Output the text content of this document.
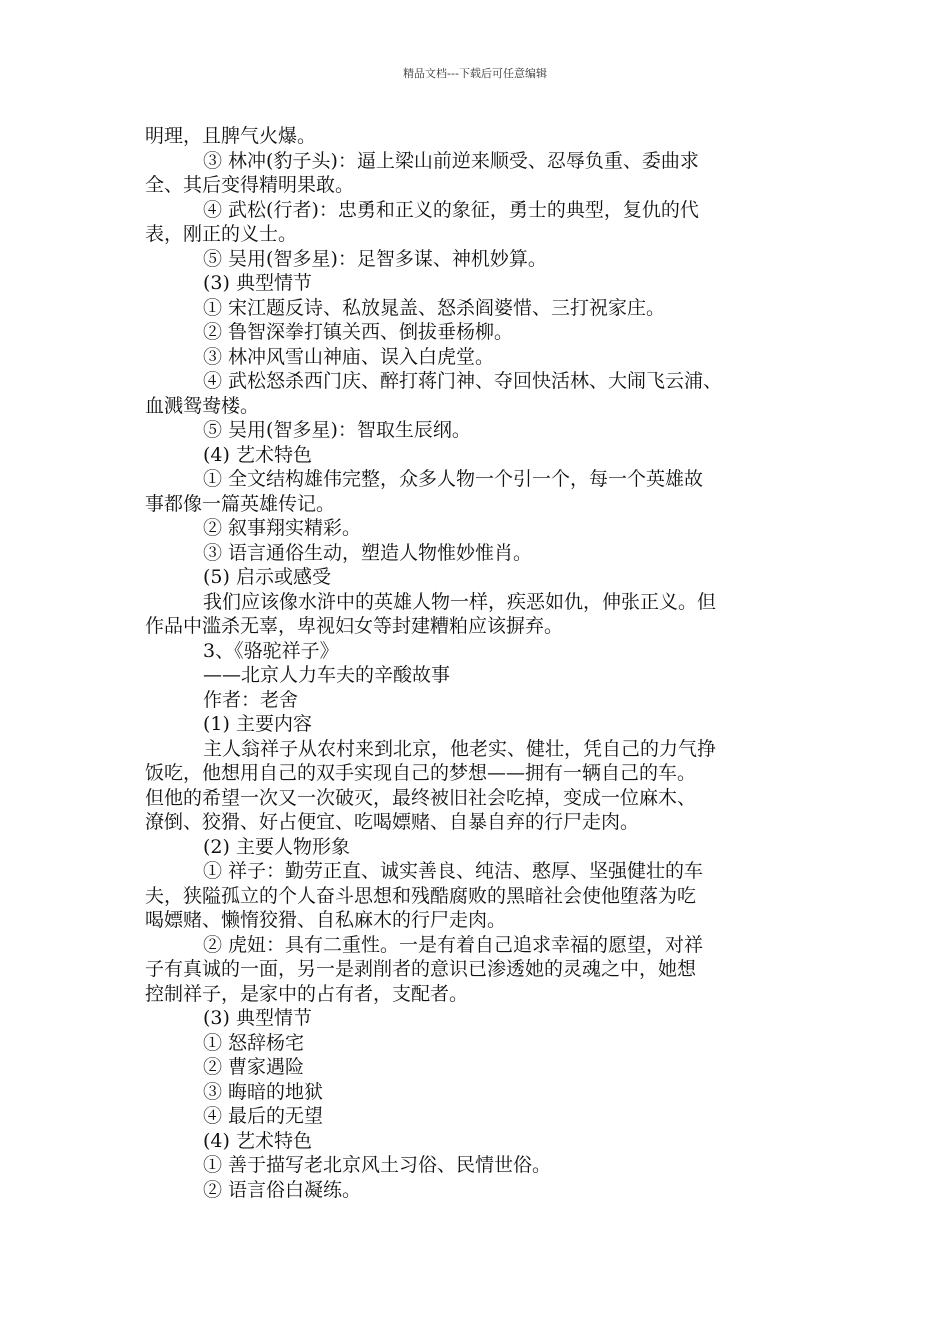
精品文档---下载后可任意编辑
明理，且脾气火爆。
③ 林冲(豹子头)：逼上梁山前逆来顺受、忍辱负重、委曲求
全、其后变得精明果敢。
④ 武松(行者)：忠勇和正义的象征，勇士的典型，复仇的代
表，刚正的义士。
⑤ 吴用(智多星)：足智多谋、神机妙算。
(3) 典型情节
① 宋江题反诗、私放晁盖、怒杀阎婆惜、三打祝家庄。
② 鲁智深拳打镇关西、倒拔垂杨柳。
③ 林冲风雪山神庙、误入白虎堂。
④ 武松怒杀西门庆、醉打蒋门神、夺回快活林、大闹飞云浦、
血溅鸳鸯楼。
⑤ 吴用(智多星)：智取生辰纲。
(4) 艺术特色
① 全文结构雄伟完整，众多人物一个引一个，每一个英雄故
事都像一篇英雄传记。
② 叙事翔实精彩。
③ 语言通俗生动，塑造人物惟妙惟肖。
(5) 启示或感受
我们应该像水浒中的英雄人物一样，疾恶如仇，伸张正义。但
作品中滥杀无辜，卑视妇女等封建糟粕应该摒弃。
3、《骆驼祥子》
——北京人力车夫的辛酸故事
作者：老舍
(1) 主要内容
主人翁祥子从农村来到北京，他老实、健壮，凭自己的力气挣
饭吃，他想用自己的双手实现自己的梦想——拥有一辆自己的车。
但他的希望一次又一次破灭，最终被旧社会吃掉，变成一位麻木、
潦倒、狡猾、好占便宜、吃喝嫖赌、自暴自弃的行尸走肉。
(2) 主要人物形象
① 祥子：勤劳正直、诚实善良、纯洁、憨厚、坚强健壮的车
夫，狭隘孤立的个人奋斗思想和残酷腐败的黑暗社会使他堕落为吃
喝嫖赌、懒惰狡猾、自私麻木的行尸走肉。
② 虎妞：具有二重性。一是有着自己追求幸福的愿望，对祥
子有真诚的一面，另一是剥削者的意识已渗透她的灵魂之中，她想
控制祥子，是家中的占有者，支配者。
(3) 典型情节
① 怒辞杨宅
② 曹家遇险
③ 晦暗的地狱
④ 最后的无望
(4) 艺术特色
① 善于描写老北京风土习俗、民情世俗。
② 语言俗白凝练。
